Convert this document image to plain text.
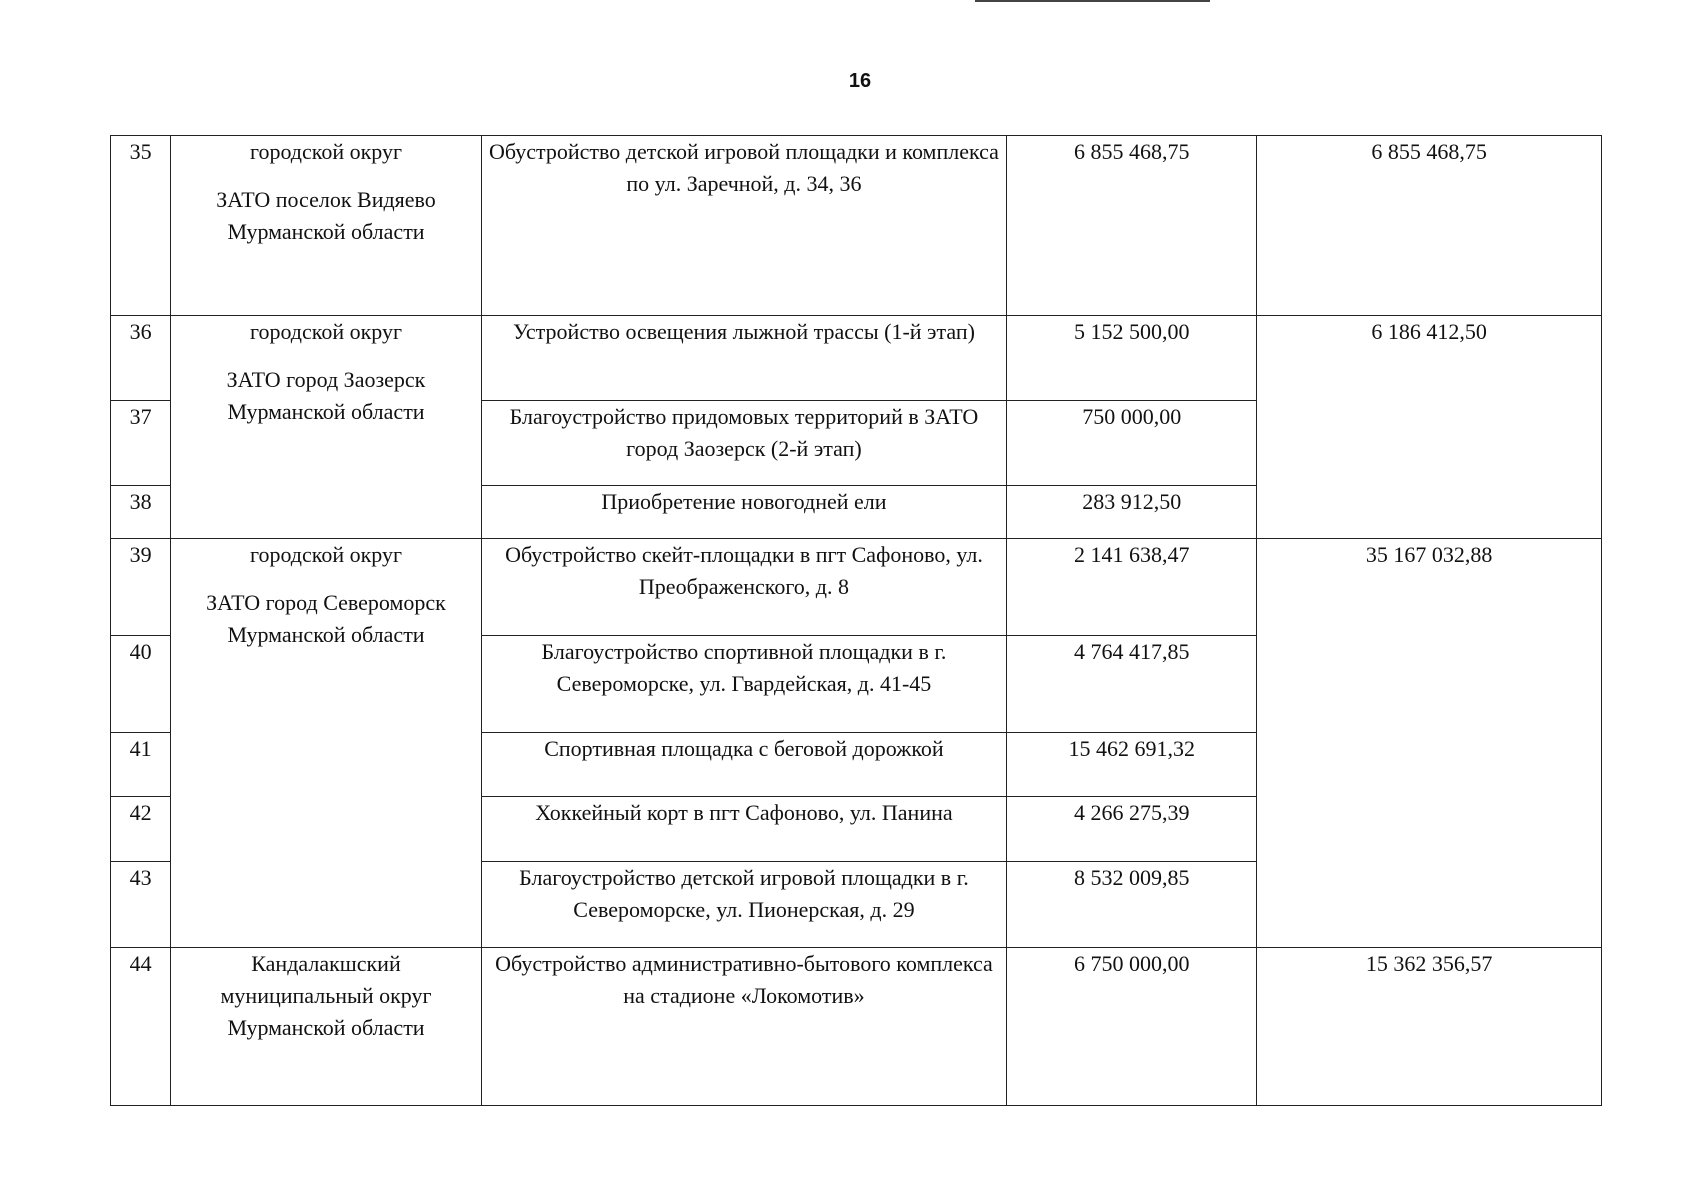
16
35	городской округ
ЗАТО поселок Видяево
Мурманской области	Обустройство детской игровой площадки и комплекса по ул. Заречной, д. 34, 36	6 855 468,75	6 855 468,75
36	городской округ
ЗАТО город Заозерск
Мурманской области	Устройство освещения лыжной трассы (1-й этап)	5 152 500,00	6 186 412,50
37		Благоустройство придомовых территорий в ЗАТО город Заозерск (2-й этап)	750 000,00	
38		Приобретение новогодней ели	283 912,50	
39	городской округ
ЗАТО город Североморск
Мурманской области	Обустройство скейт-площадки в пгт Сафоново, ул. Преображенского, д. 8	2 141 638,47	35 167 032,88
40		Благоустройство спортивной площадки в г. Североморске, ул. Гвардейская, д. 41-45	4 764 417,85	
41		Спортивная площадка с беговой дорожкой	15 462 691,32	
42		Хоккейный корт в пгт Сафоново, ул. Панина	4 266 275,39	
43		Благоустройство детской игровой площадки в г. Североморске, ул. Пионерская, д. 29	8 532 009,85	
44	Кандалакшский
муниципальный округ
Мурманской области	Обустройство административно-бытового комплекса на стадионе «Локомотив»	6 750 000,00	15 362 356,57
